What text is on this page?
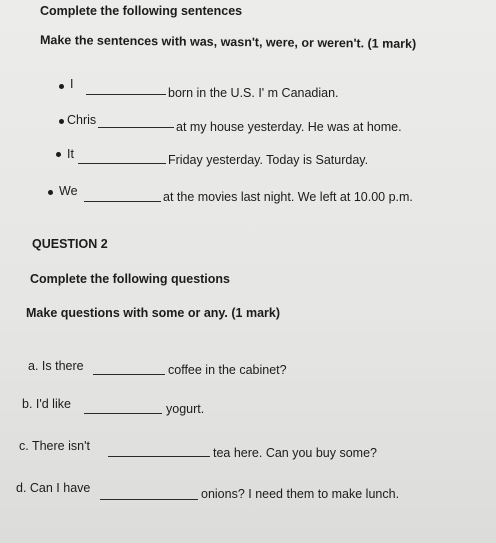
Complete the following sentences
Make the sentences with was, wasn't, were, or weren't. (1 mark)
I
born in the U.S. I' m Canadian.
Chris	at my house yesterday. He was at home.
It	Friday yesterday. Today is Saturday.
We	at the movies last night. We left at 10.00 p.m.
QUESTION 2
Complete the following questions
Make questions with some or any. (1 mark)
a. Is there	coffee in the cabinet?
b. I'd like	yogurt.
c. There isn't	tea here. Can you buy some?
d. Can I have	onions? I need them to make lunch.
